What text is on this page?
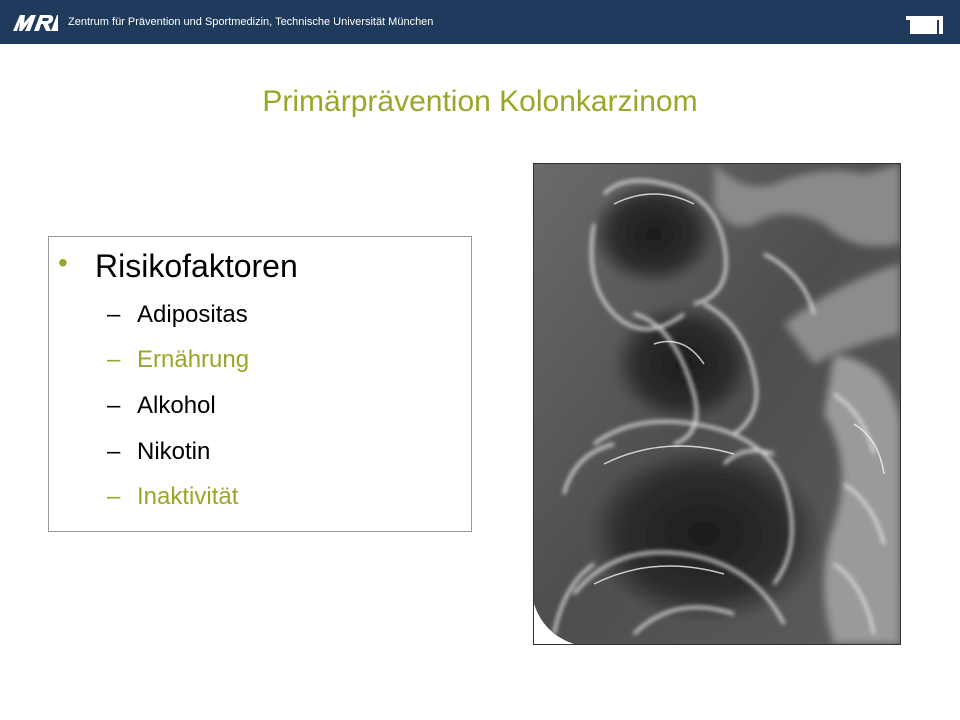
Zentrum für Prävention und Sportmedizin, Technische Universität München
Primärprävention Kolonkarzinom
• Risikofaktoren
– Adipositas
– Ernährung
– Alkohol
– Nikotin
– Inaktivität
